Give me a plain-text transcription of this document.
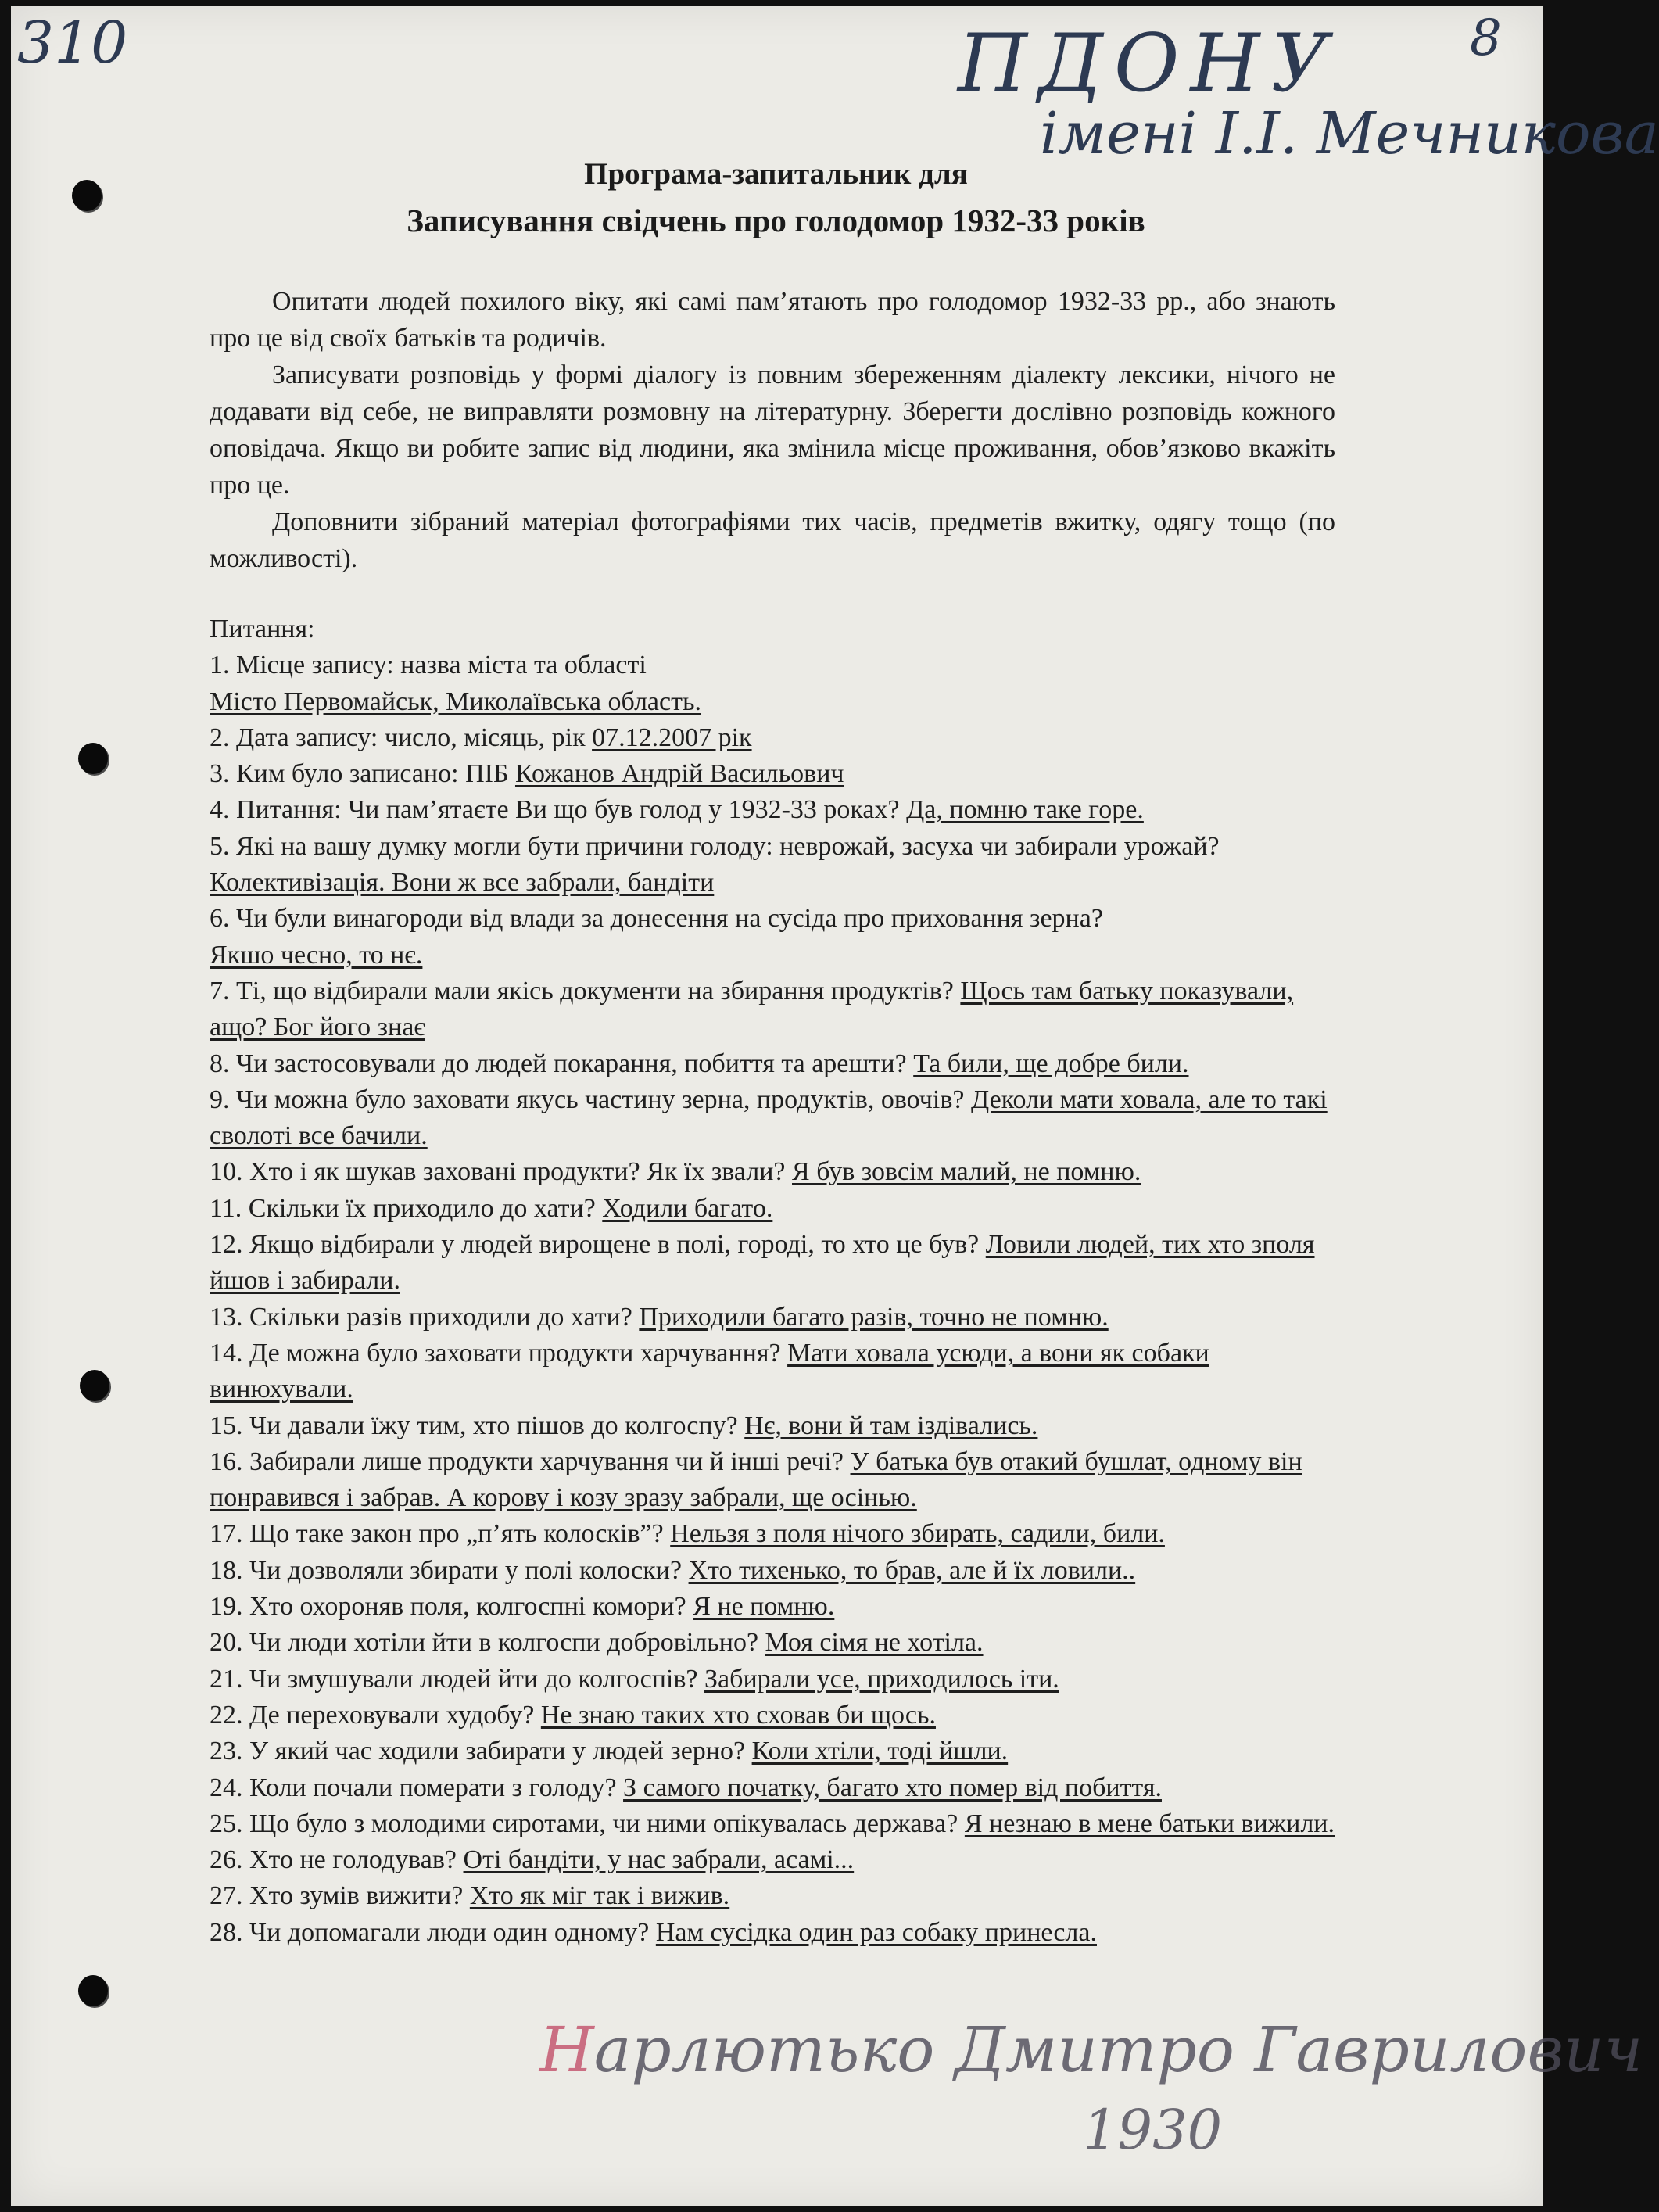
310	8

ПДОНУ

імені І.І. Мечникова

Програма-запитальник для
Записування свідчень про голодомор 1932-33 років

Опитати людей похилого віку, які самі пам’ятають про голодомор 1932-33 рр., або знають про це від своїх батьків та родичів.

Записувати розповідь у формі діалогу із повним збереженням діалекту лексики, нічого не додавати від себе, не виправляти розмовну на літературну. Зберегти дослівно розповідь кожного оповідача. Якщо ви робите запис від людини, яка змінила місце проживання, обов’язково вкажіть про це.

Доповнити зібраний матеріал фотографіями тих часів, предметів вжитку, одягу тощо (по можливості).

Питання:

1. Місце запису: назва міста та області
Місто Первомайськ, Миколаївська область.

2. Дата запису: число, місяць, рік 07.12.2007 рік

3. Ким було записано: ПІБ Кожанов Андрій Васильович

4. Питання: Чи пам’ятаєте Ви що був голод у 1932-33 роках? Да, помню таке горе.

5. Які на вашу думку могли бути причини голоду: неврожай, засуха чи забирали урожай? Колективізація. Вони ж все забрали, бандіти

6. Чи були винагороди від влади за донесення на сусіда про приховання зерна?
Якшо чесно, то нє.

7. Ті, що відбирали мали якісь документи на збирання продуктів? Щось там батьку показували, ащо? Бог його знає

8. Чи застосовували до людей покарання, побиття та арешти? Та били, ще добре били.

9. Чи можна було заховати якусь частину зерна, продуктів, овочів? Деколи мати ховала, але то такі сволоті все бачили.

10. Хто і як шукав заховані продукти? Як їх звали? Я був зовсім малий, не помню.

11. Скільки їх приходило до хати? Ходили багато.

12. Якщо відбирали у людей вирощене в полі, городі, то хто це був? Ловили людей, тих хто зполя йшов і забирали.

13. Скільки разів приходили до хати? Приходили багато разів, точно не помню.

14. Де можна було заховати продукти харчування? Мати ховала усюди, а вони як собаки винюхували.

15. Чи давали їжу тим, хто пішов до колгоспу? Нє, вони й там іздівались.

16. Забирали лише продукти харчування чи й інші речі? У батька був отакий бушлат, одному він понравився і забрав. А корову і козу зразу забрали, ще осінью.

17. Що таке закон про „п’ять колосків”? Нельзя з поля нічого збирать, садили, били.

18. Чи дозволяли збирати у полі колоски? Хто тихенько, то брав, але й їх ловили..

19. Хто охороняв поля, колгоспні комори? Я не помню.

20. Чи люди хотіли йти в колгоспи добровільно? Моя сімя не хотіла.

21. Чи змушували людей йти до колгоспів? Забирали усе, приходилось іти.

22. Де переховували худобу? Не знаю таких хто сховав би щось.

23. У який час ходили забирати у людей зерно? Коли хтіли, тоді йшли.

24. Коли почали померати з голоду? З самого початку, багато хто помер від побиття.

25. Що було з молодими сиротами, чи ними опікувалась держава? Я незнаю в мене батьки вижили.

26. Хто не голодував? Оті бандіти, у нас забрали, асамі...

27. Хто зумів вижити? Хто як міг так і вижив.

28. Чи допомагали люди один одному? Нам сусідка один раз собаку принесла.

Нарлютько Дмитро Гаврилович

1930
